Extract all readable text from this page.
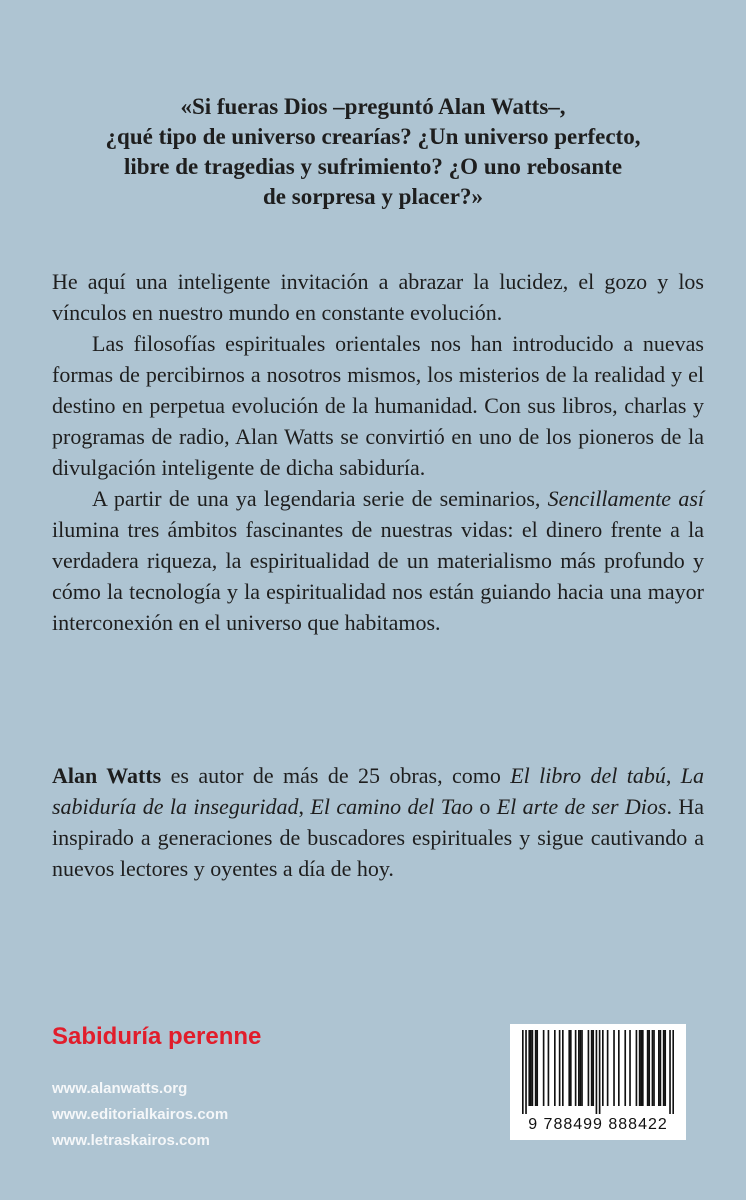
«Si fueras Dios –preguntó Alan Watts–,
¿qué tipo de universo crearías? ¿Un universo perfecto,
libre de tragedias y sufrimiento? ¿O uno rebosante
de sorpresa y placer?»

He aquí una inteligente invitación a abrazar la lucidez, el gozo y los vínculos en nuestro mundo en constante evolución.

Las filosofías espirituales orientales nos han introducido a nuevas formas de percibirnos a nosotros mismos, los misterios de la realidad y el destino en perpetua evolución de la humanidad. Con sus libros, charlas y programas de radio, Alan Watts se convirtió en uno de los pioneros de la divulgación inteligente de dicha sabiduría.

A partir de una ya legendaria serie de seminarios, Sencillamente así ilumina tres ámbitos fascinantes de nuestras vidas: el dinero frente a la verdadera riqueza, la espiritualidad de un materialismo más profundo y cómo la tecnología y la espiritualidad nos están guiando hacia una mayor interconexión en el universo que habitamos.

Alan Watts es autor de más de 25 obras, como El libro del tabú, La sabiduría de la inseguridad, El camino del Tao o El arte de ser Dios. Ha inspirado a generaciones de buscadores espirituales y sigue cautivando a nuevos lectores y oyentes a día de hoy.

Sabiduría perenne
www.alanwatts.org
www.editorialkairos.com
www.letraskairos.com
9 788499 888422
